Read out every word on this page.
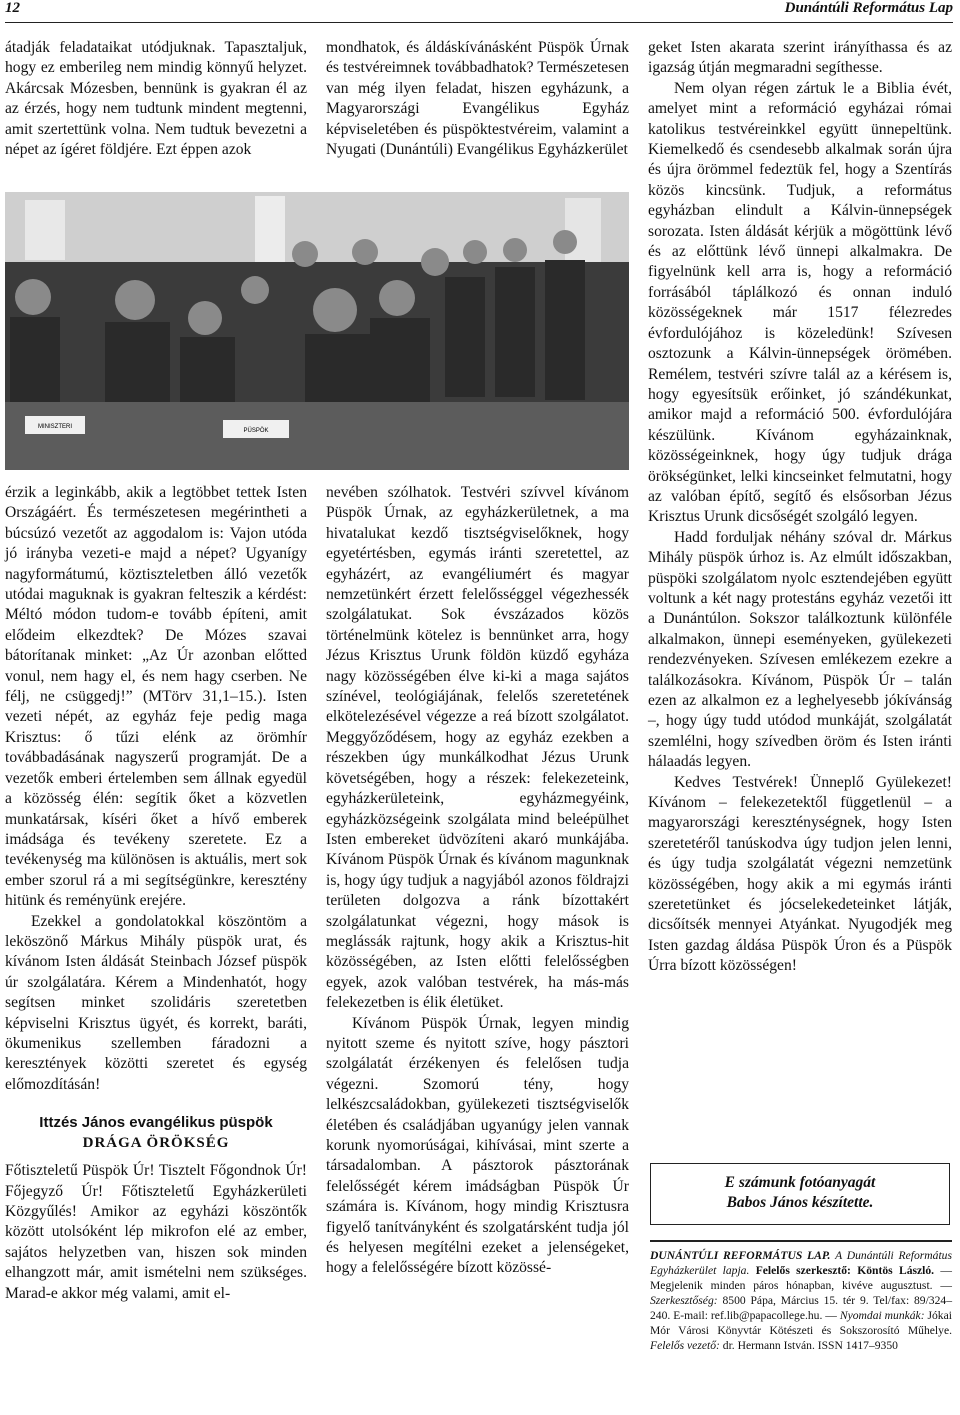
12	Dunántúli Református Lap

átadják feladataikat utódjuknak. Tapasztaljuk, hogy ez emberileg nem mindig könnyű helyzet. Akárcsak Mózesben, bennünk is gyakran él az az érzés, hogy nem tudtunk mindent megtenni, amit szertettünk volna. Nem tudtuk bevezetni a népet az ígéret földjére. Ezt éppen azok

MINISZTERI
PÜSPÖK

érzik a leginkább, akik a legtöbbet tettek Isten Országáért. És természetesen megérintheti a búcsúzó vezetőt az aggodalom is: Vajon utóda jó irányba vezeti-e majd a népet? Ugyanígy nagyformátumú, köztiszteletben álló vezetők utódai maguknak is gyakran felteszik a kérdést: Méltó módon tudom-e tovább építeni, amit elődeim elkezdtek? De Mózes szavai bátorítanak minket: „Az Úr azonban előtted vonul, nem hagy el, és nem hagy cserben. Ne félj, ne csüggedj!” (MTörv 31,1–15.). Isten vezeti népét, az egyház feje pedig maga Krisztus: ő tűzi elénk az örömhír továbbadásának nagyszerű programját. De a vezetők emberi értelemben sem állnak egyedül a közösség élén: segítik őket a közvetlen munkatársak, kíséri őket a hívő emberek imádsága és tevékeny szeretete. Ez a tevékenység ma különösen is aktuális, mert sok ember szorul rá a mi segítségünkre, keresztény hitünk és reményünk erejére.

Ezekkel a gondolatokkal köszöntöm a leköszönő Márkus Mihály püspök urat, és kívánom Isten áldását Steinbach József püspök úr szolgálatára. Kérem a Mindenhatót, hogy segítsen minket szolidáris szeretetben képviselni Krisztus ügyét, és korrekt, baráti, ökumenikus szellemben fáradozni a keresztények közötti szeretet és egység előmozdításán!

Ittzés János evangélikus püspök
DRÁGA ÖRÖKSÉG

Főtiszteletű Püspök Úr! Tisztelt Főgondnok Úr! Főjegyző Úr! Főtiszteletű Egyházkerületi Közgyűlés! Amikor az egyházi köszöntők között utolsóként lép mikrofon elé az ember, sajátos helyzetben van, hiszen sok minden elhangzott már, amit ismételni nem szükséges. Marad-e akkor még valami, amit el-

mondhatok, és áldáskívánásként Püspök Úrnak és testvéreimnek továbbadhatok? Természetesen van még ilyen feladat, hiszen egyházunk, a Magyarországi Evangélikus Egyház képviseletében és püspöktestvéreim, valamint a Nyugati (Dunántúli) Evangélikus Egyházkerület

nevében szólhatok. Testvéri szívvel kívánom Püspök Úrnak, az egyházkerületnek, a ma hivatalukat kezdő tisztségviselőknek, hogy egyetértésben, egymás iránti szeretettel, az egyházért, az evangéliumért és magyar nemzetünkért érzett felelősséggel végezhessék szolgálatukat. Sok évszázados közös történelmünk kötelez is bennünket arra, hogy Jézus Krisztus Urunk földön küzdő egyháza nagy közösségében élve ki-ki a maga sajátos színével, teológiájának, felelős szeretetének elkötelezésével végezze a reá bízott szolgálatot. Meggyőződésem, hogy az egyház ezekben a részekben úgy munkálkodhat Jézus Urunk követségében, hogy a részek: felekezeteink, egyházkerületeink, egyházmegyéink, egyházközségeink szolgálata mind beleépülhet Isten embereket üdvözíteni akaró munkájába. Kívánom Püspök Úrnak és kívánom magunknak is, hogy úgy tudjuk a nagyjából azonos földrajzi területen dolgozva a ránk bízottakért szolgálatunkat végezni, hogy mások is meglássák rajtunk, hogy akik a Krisztus-hit közösségében, az Isten előtti felelősségben egyek, azok valóban testvérek, ha más-más felekezetben is élik életüket.

Kívánom Püspök Úrnak, legyen mindig nyitott szeme és nyitott szíve, hogy pásztori szolgálatát érzékenyen és felelősen tudja végezni. Szomorú tény, hogy lelkészcsaládokban, gyülekezeti tisztségviselők életében és családjában ugyanúgy jelen vannak korunk nyomorúságai, kihívásai, mint szerte a társadalomban. A pásztorok pásztorának felelősségét kérem imádságban Püspök Úr számára is. Kívánom, hogy mindig Krisztusra figyelő tanítványként és szolgatársként tudja jól és helyesen megítélni ezeket a jelenségeket, hogy a felelősségére bízott közössé-

geket Isten akarata szerint irányíthassa és az igazság útján megmaradni segíthesse.

Nem olyan régen zártuk le a Biblia évét, amelyet mint a reformáció egyházai római katolikus testvéreinkkel együtt ünnepeltünk. Kiemelkedő és csendesebb alkalmak során újra és újra örömmel fedeztük fel, hogy a Szentírás közös kincsünk. Tudjuk, a református egyházban elindult a Kálvin-ünnepségek sorozata. Isten áldását kérjük a mögöttünk lévő és az előttünk lévő ünnepi alkalmakra. De figyelnünk kell arra is, hogy a reformáció forrásából táplálkozó és onnan induló közösségeknek már 1517 félezredes évfordulójához is közeledünk! Szívesen osztozunk a Kálvin-ünnepségek örömében. Remélem, testvéri szívre talál az a kérésem is, hogy egyesítsük erőinket, jó szándékunkat, amikor majd a reformáció 500. évfordulójára készülünk. Kívánom egyházainknak, közösségeinknek, hogy úgy tudjuk drága örökségünket, lelki kincseinket felmutatni, hogy az valóban építő, segítő és elsősorban Jézus Krisztus Urunk dicsőségét szolgáló legyen.

Hadd forduljak néhány szóval dr. Márkus Mihály püspök úrhoz is. Az elmúlt időszakban, püspöki szolgálatom nyolc esztendejében együtt voltunk a két nagy protestáns egyház vezetői itt a Dunántúlon. Sokszor találkoztunk különféle alkalmakon, ünnepi eseményeken, gyülekezeti rendezvényeken. Szívesen emlékezem ezekre a találkozásokra. Kívánom, Püspök Úr – talán ezen az alkalmon ez a leghelyesebb jókívánság –, hogy úgy tudd utódod munkáját, szolgálatát szemlélni, hogy szívedben öröm és Isten iránti hálaadás legyen.

Kedves Testvérek! Ünneplő Gyülekezet! Kívánom – felekezetektől függetlenül – a magyarországi kereszténységnek, hogy Isten szeretetéről tanúskodva úgy tudjon jelen lenni, és úgy tudja szolgálatát végezni nemzetünk közösségében, hogy akik a mi egymás iránti szeretetünket és jócselekedeteinket látják, dicsőítsék mennyei Atyánkat. Nyugodjék meg Isten gazdag áldása Püspök Úron és a Püspök Úrra bízott közösségen!

E számunk fotóanyagát
Babos János készítette.
DUNÁNTÚLI REFORMÁTUS LAP. A Dunántúli Református Egyházkerület lapja. Felelős szerkesztő: Köntös László. — Megjelenik minden páros hónapban, kivéve augusztust. — Szerkesztőség: 8500 Pápa, Március 15. tér 9. Tel/fax: 89/324–240. E-mail: ref.lib@papacollege.hu. — Nyomdai munkák: Jókai Mór Városi Könyvtár Kötészeti és Sokszorosító Műhelye. Felelős vezető: dr. Hermann István. ISSN 1417–9350
